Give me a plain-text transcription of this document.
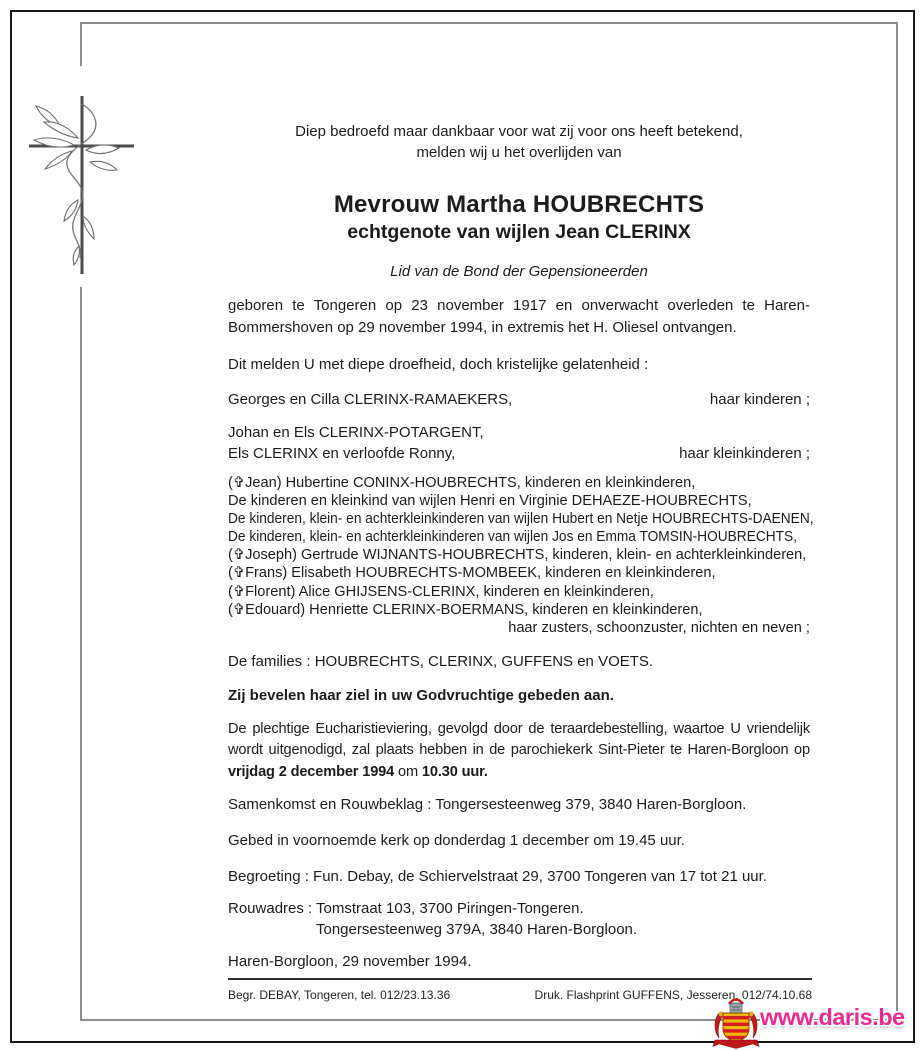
Diep bedroefd maar dankbaar voor wat zij voor ons heeft betekend,
melden wij u het overlijden van
Mevrouw Martha HOUBRECHTS
echtgenote van wijlen Jean CLERINX
Lid van de Bond der Gepensioneerden
geboren te Tongeren op 23 november 1917 en onverwacht overleden te Haren-Bommershoven op 29 november 1994, in extremis het H. Oliesel ontvangen.
Dit melden U met diepe droefheid, doch kristelijke gelatenheid :
Georges en Cilla CLERINX-RAMAEKERS,	haar kinderen ;
Johan en Els CLERINX-POTARGENT,
Els CLERINX en verloofde Ronny,	haar kleinkinderen ;
(✞Jean) Hubertine CONINX-HOUBRECHTS, kinderen en kleinkinderen,
De kinderen en kleinkind van wijlen Henri en Virginie DEHAEZE-HOUBRECHTS,
De kinderen, klein- en achterkleinkinderen van wijlen Hubert en Netje HOUBRECHTS-DAENEN,
De kinderen, klein- en achterkleinkinderen van wijlen Jos en Emma TOMSIN-HOUBRECHTS,
(✞Joseph) Gertrude WIJNANTS-HOUBRECHTS, kinderen, klein- en achterkleinkinderen,
(✞Frans) Elisabeth HOUBRECHTS-MOMBEEK, kinderen en kleinkinderen,
(✞Florent) Alice GHIJSENS-CLERINX, kinderen en kleinkinderen,
(✞Edouard) Henriette CLERINX-BOERMANS, kinderen en kleinkinderen,
haar zusters, schoonzuster, nichten en neven ;
De families : HOUBRECHTS, CLERINX, GUFFENS en VOETS.
Zij bevelen haar ziel in uw Godvruchtige gebeden aan.
De plechtige Eucharistieviering, gevolgd door de teraardebestelling, waartoe U vriendelijk wordt uitgenodigd, zal plaats hebben in de parochiekerk Sint-Pieter te Haren-Borgloon op vrijdag 2 december 1994 om 10.30 uur.
Samenkomst en Rouwbeklag : Tongersesteenweg 379, 3840 Haren-Borgloon.
Gebed in voornoemde kerk op donderdag 1 december om 19.45 uur.
Begroeting : Fun. Debay, de Schiervelstraat 29, 3700 Tongeren van 17 tot 21 uur.
Rouwadres : Tomstraat 103, 3700 Piringen-Tongeren.
Tongersesteenweg 379A, 3840 Haren-Borgloon.
Haren-Borgloon, 29 november 1994.
Begr. DEBAY, Tongeren, tel. 012/23.13.36	Druk. Flashprint GUFFENS, Jesseren, 012/74.10.68
www.daris.be
